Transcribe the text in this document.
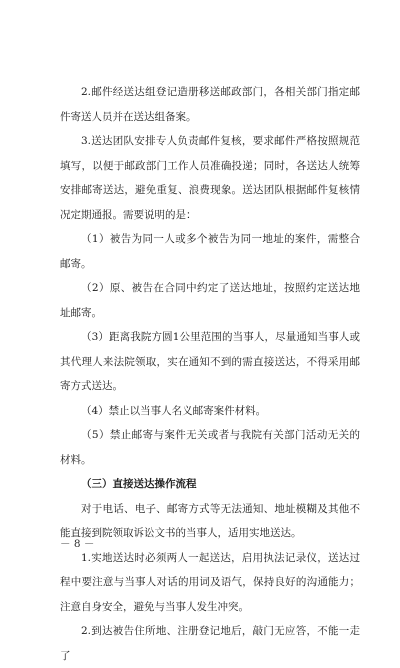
2.邮件经送达组登记造册移送邮政部门，各相关部门指定邮件寄送人员并在送达组备案。

3.送达团队安排专人负责邮件复核，要求邮件严格按照规范填写，以便于邮政部门工作人员准确投递；同时，各送达人统筹安排邮寄送达，避免重复、浪费现象。送达团队根据邮件复核情况定期通报。需要说明的是：

（1）被告为同一人或多个被告为同一地址的案件，需整合邮寄。

（2）原、被告在合同中约定了送达地址，按照约定送达地址邮寄。

（3）距离我院方圆1公里范围的当事人，尽量通知当事人或其代理人来法院领取，实在通知不到的需直接送达，不得采用邮寄方式送达。

（4）禁止以当事人名义邮寄案件材料。

（5）禁止邮寄与案件无关或者与我院有关部门活动无关的材料。

（三）直接送达操作流程

对于电话、电子、邮寄方式等无法通知、地址模糊及其他不能直接到院领取诉讼文书的当事人，适用实地送达。

1.实地送达时必须两人一起送达，启用执法记录仪，送达过程中要注意与当事人对话的用词及语气，保持良好的沟通能力；注意自身安全，避免与当事人发生冲突。

2.到达被告住所地、注册登记地后，敲门无应答，不能一走了

－ 8 －
